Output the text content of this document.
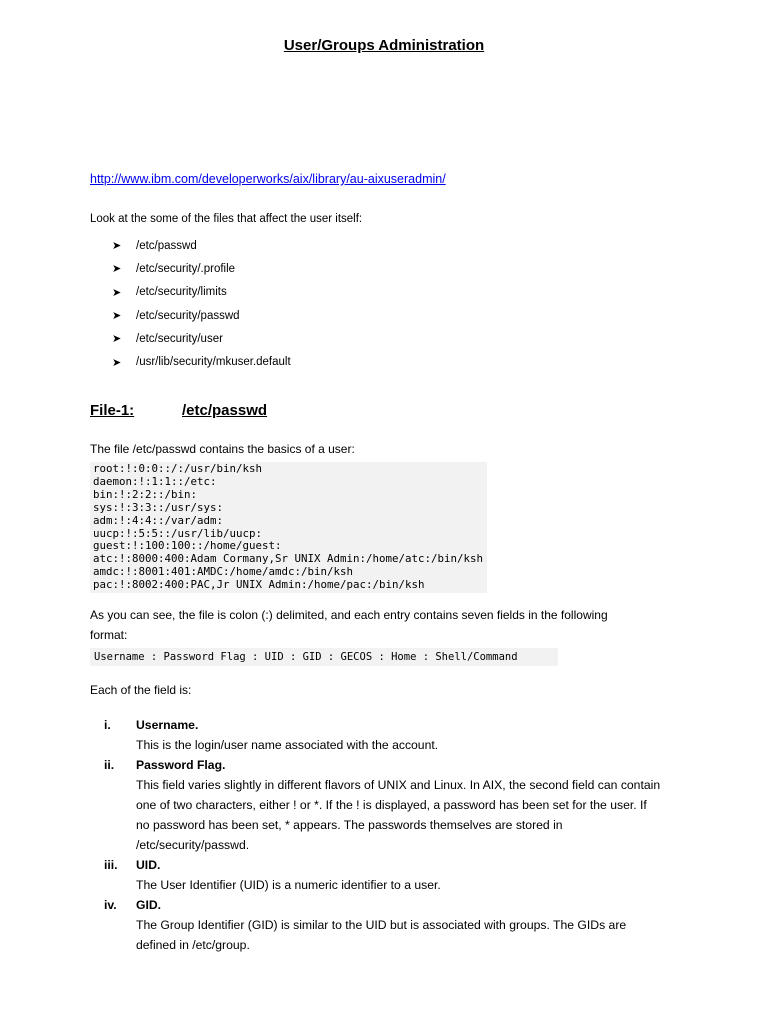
User/Groups Administration
http://www.ibm.com/developerworks/aix/library/au-aixuseradmin/
Look at the some of the files that affect the user itself:
➤	/etc/passwd
➤	/etc/security/.profile
➤	/etc/security/limits
➤	/etc/security/passwd
➤	/etc/security/user
➤	/usr/lib/security/mkuser.default
File-1:	/etc/passwd
The file /etc/passwd contains the basics of a user:
root:!:0:0::/:/usr/bin/ksh
daemon:!:1:1::/etc:
bin:!:2:2::/bin:
sys:!:3:3::/usr/sys:
adm:!:4:4::/var/adm:
uucp:!:5:5::/usr/lib/uucp:
guest:!:100:100::/home/guest:
atc:!:8000:400:Adam Cormany,Sr UNIX Admin:/home/atc:/bin/ksh
amdc:!:8001:401:AMDC:/home/amdc:/bin/ksh
pac:!:8002:400:PAC,Jr UNIX Admin:/home/pac:/bin/ksh
As you can see, the file is colon (:) delimited, and each entry contains seven fields in the following
format:
Username : Password Flag : UID : GID : GECOS : Home : Shell/Command
Each of the field is:
i.	Username.
This is the login/user name associated with the account.
ii.	Password Flag.
This field varies slightly in different flavors of UNIX and Linux. In AIX, the second field can contain
one of two characters, either ! or *. If the ! is displayed, a password has been set for the user. If
no password has been set, * appears. The passwords themselves are stored in
/etc/security/passwd.
iii.	UID.
The User Identifier (UID) is a numeric identifier to a user.
iv.	GID.
The Group Identifier (GID) is similar to the UID but is associated with groups. The GIDs are
defined in /etc/group.
